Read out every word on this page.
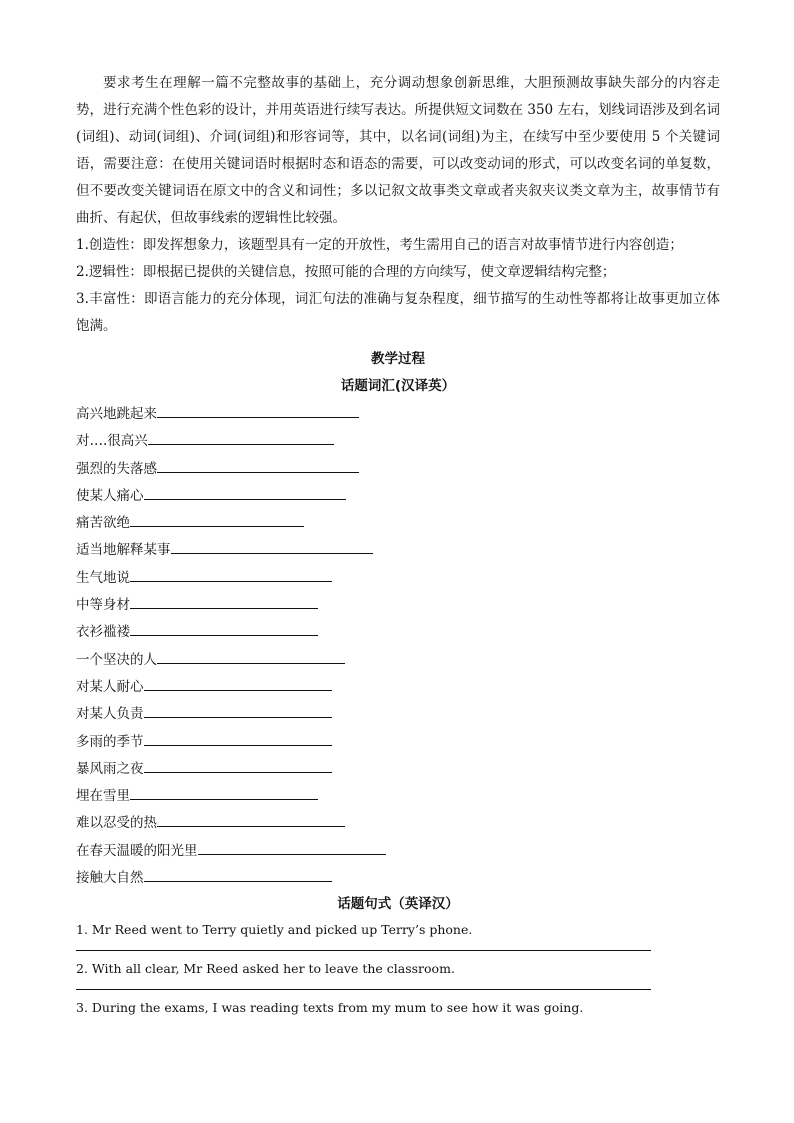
要求考生在理解一篇不完整故事的基础上，充分调动想象创新思维，大胆预测故事缺失部分的内容走势，进行充满个性色彩的设计，并用英语进行续写表达。所提供短文词数在 350 左右，划线词语涉及到名词(词组)、动词(词组)、介词(词组)和形容词等，其中，以名词(词组)为主，在续写中至少要使用 5 个关键词语，需要注意：在使用关键词语时根据时态和语态的需要，可以改变动词的形式，可以改变名词的单复数，但不要改变关键词语在原文中的含义和词性；多以记叙文故事类文章或者夹叙夹议类文章为主，故事情节有曲折、有起伏，但故事线索的逻辑性比较强。

1.创造性：即发挥想象力，该题型具有一定的开放性，考生需用自己的语言对故事情节进行内容创造；

2.逻辑性：即根据已提供的关键信息，按照可能的合理的方向续写，使文章逻辑结构完整；

3.丰富性：即语言能力的充分体现，词汇句法的准确与复杂程度，细节描写的生动性等都将让故事更加立体饱满。

教学过程

话题词汇(汉译英）

高兴地跳起来
对….很高兴
强烈的失落感
使某人痛心
痛苦欲绝
适当地解释某事
生气地说
中等身材
衣衫褴褛
一个坚决的人
对某人耐心
对某人负责
多雨的季节
暴风雨之夜
埋在雪里
难以忍受的热
在春天温暖的阳光里
接触大自然

话题句式（英译汉）

1. Mr Reed went to Terry quietly and picked up Terry’s phone.

2. With all clear, Mr Reed asked her to leave the classroom.

3. During the exams, I was reading texts from my mum to see how it was going.
